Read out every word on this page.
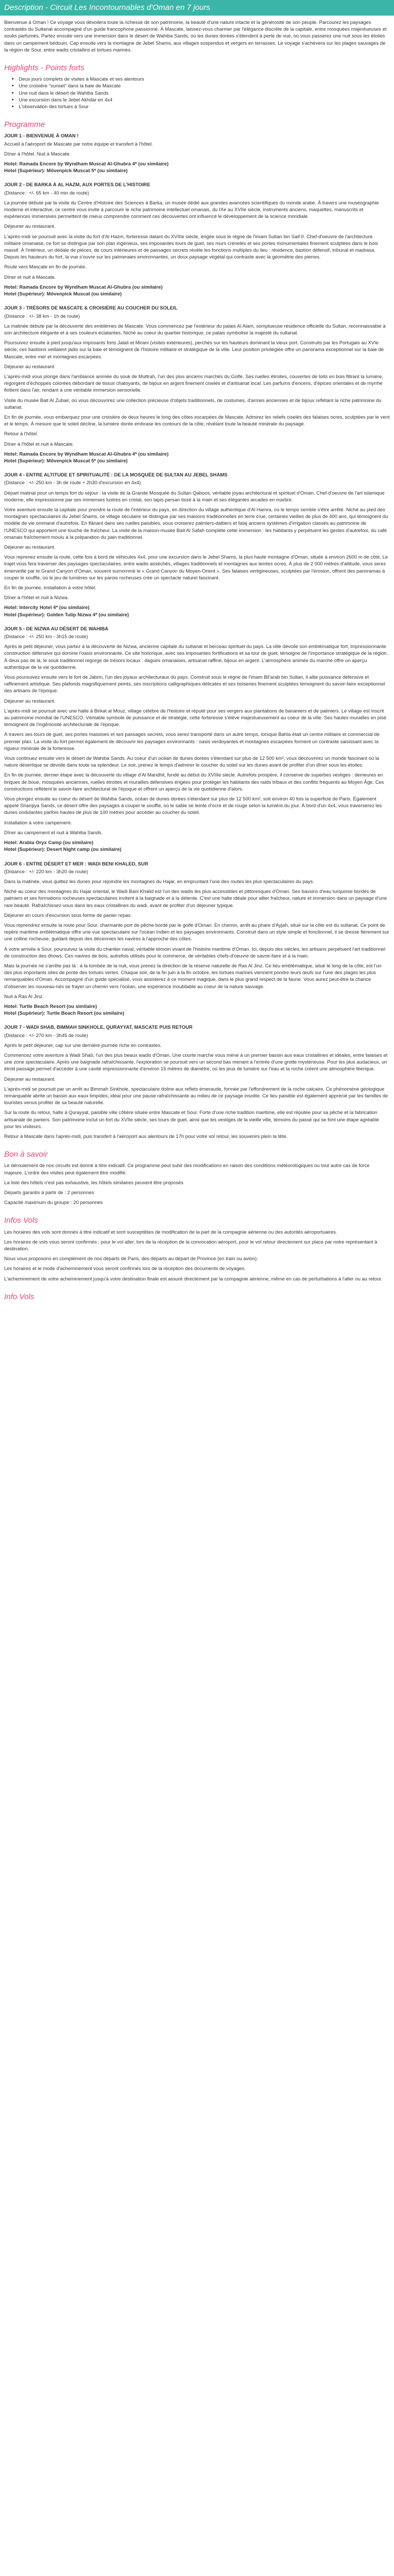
Description - Circuit Les Incontournables d'Oman en 7 jours

Bienvenue à Oman ! Ce voyage vous dévoilera toute la richesse de son patrimoine, la beauté d'une nature intacte et la générosité de son peuple. Parcourez les paysages contrastés du Sultanat accompagné d'un guide francophone passionné. À Mascate, laissez-vous charmer par l'élégance discrète de la capitale, entre mosquées majestueuses et souks parfumés. Partez ensuite vers une immersion dans le désert de Wahiba Sands, où les dunes dorées s'étendent à perte de vue, où vous passerez une nuit sous les étoiles dans un campement bédouin. Cap ensuite vers la montagne de Jebel Shams, aux villages suspendus et vergers en terrasses. Le voyage s'achèvera sur les plages sauvages de la région de Sour, entre wadis cristallins et tortues marines.

Highlights - Points forts
• Deux jours complets de visites à Mascate et ses alentours
• Une croisière "sunset" dans la baie de Mascate
• Une nuit dans le désert de Wahiba Sands
• Une excursion dans le Jebel Akhdar en 4x4
• L'observation des tortues à Sour
Programme
JOUR 1 - BIENVENUE À OMAN !

Accueil à l'aéroport de Mascate par notre équipe et transfert à l'hôtel.

Dîner à l'hôtel. Nuit à Mascate.

Hotel: Ramada Encore by Wyndham Muscat Al-Ghubra 4* (ou similaire)
Hotel (Supérieur): Mövenpick Muscat 5* (ou similaire)
JOUR 2 - DE BARKA À AL HAZM, AUX PORTES DE L'HISTOIRE

(Distance : +/- 65 km - 40 min de route)

La journée débute par la visite du Centre d'Histoire des Sciences à Barka, un musée dédié aux grandes avancées scientifiques du monde arabe. À travers une muséographie moderne et interactive, ce centre vous invite à parcourir le riche patrimoine intellectuel omanais, du IXe au XVIIe siècle, instruments anciens, maquettes, manuscrits et expériences immersives permettent de mieux comprendre comment ces découvertes ont influencé le développement de la science mondiale.

Déjeuner au restaurant.

L'après-midi se poursuit avec la visite du fort d'Al Hazm, forteresse datant du XVIIIe siècle, érigée sous le règne de l'imam Sultan bin Saif II. Chef-d'oeuvre de l'architecture militaire omanaise, ce fort se distingue par son plan ingénieux, ses imposantes tours de guet, ses murs crénelés et ses portes monumentales finement sculptées dans le bois massif. À l'intérieur, un dédale de pièces, de cours intérieures et de passages secrets révèle les fonctions multiples du lieu : résidence, bastion défensif, tribunal et madrasa. Depuis les hauteurs du fort, la vue s'ouvre sur les palmeraies environnantes, un doux paysage végétal qui contraste avec la géométrie des pierres.

Route vers Mascate en fin de journée.

Dîner et nuit à Mascate.

Hotel: Ramada Encore by Wyndham Muscat Al-Ghubra (ou similaire)
Hotel (Supérieur): Mövenpick Muscat (ou similaire)
JOUR 3 - TRÉSORS DE MASCATE & CROISIÈRE AU COUCHER DU SOLEIL

(Distance : +/- 38 km - 1h de route)

La matinée débute par la découverte des emblèmes de Mascate. Vous commencez par l'extérieur du palais Al Alam, somptueuse résidence officielle du Sultan, reconnaissable à son architecture élégante et à ses couleurs éclatantes. Niché au coeur du quartier historique, ce palais symbolise la majesté du sultanat.

Poursuivez ensuite à pied jusqu'aux imposants forts Jalali et Mirani (visites extérieures), perchés sur les hauteurs dominant la vieux port. Construits par les Portugais au XVIe siècle, ces bastions veillaient jadis sur la baie et témoignent de l'histoire militaire et stratégique de la ville. Leur position privilégiée offre un panorama exceptionnel sur la baie de Mascate, entre mer et montagnes escarpées.

Déjeuner au restaurant.

L'après-midi vous plonge dans l'ambiance animée du souk de Muttrah, l'un des plus anciens marchés du Golfe. Ses ruelles étroites, couvertes de toits en bois filtrant la lumière, regorgent d'échoppes colorées débordant de tissus chatoyants, de bijoux en argent finement ciselés et d'artisanat local. Les parfums d'encens, d'épices orientales et de myrrhe flottent dans l'air, rendant à une véritable immersion sensorielle.

Visite du musée Bait Al Zubair, où vous découvrirez une collection précieuse d'objets traditionnels, de costumes, d'armes anciennes et de bijoux reflétant la riche patrimoine du sultanat.

En fin de journée, vous embarquez pour une croisière de deux heures le long des côtes escarpées de Mascate. Admirez les reliefs ciselés des falaises ocres, sculptées par le vent et le temps. À mesure que le soleil décline, la lumière dorée embrase les contours de la côte, révélant toute la beauté minérale du paysage.

Retour à l'hôtel.

Dîner à l'hôtel et nuit à Mascate.

Hotel: Ramada Encore by Wyndham Muscat Al-Ghubra 4* (ou similaire)
Hotel (Supérieur): Mövenpick Muscat 5* (ou similaire)
JOUR 4 - ENTRE ALTITUDE ET SPIRITUALITÉ : DE LA MOSQUÉE DE SULTAN AU JEBEL SHAMS

(Distance : +/- 250 km - 3h de route + 2h30 d'excursion en 4x4)

Départ matinal pour un temps fort du séjour : la visite de la Grande Mosquée du Sultan Qaboos, véritable joyau architectural et spirituel d'Oman. Chef-d'oeuvre de l'art islamique moderne, elle impressionne par ses immenses lustres en cristal, son tapis persan tissé à la main et ses élégantes arcades en marbre.

Votre aventure ensuite la capitale pour prendre la route de l'intérieur du pays, en direction du village authentique d'Al Hamra, où le temps semble s'être arrêté. Niché au pied des montagnes spectaculaires du Jebel Shams, ce village séculaire se distingue par ses maisons traditionnelles en terre crue, certaines vieilles de plus de 400 ans, qui témoignent du modèle de vie ommané d'autrefois. En flânant dans ses ruelles paisibles, vous croiserez palmiers-dattiers et falaj anciens systèmes d'irrigation classés au patrimoine de l'UNESCO qui apportent une touche de fraîcheur. La visite de la maison-musée Bait Al Safah complète cette immersion : les habitants y perpétuent les gestes d'autrefois, du café omanais fraîchement moulu à la préparation du pain traditionnel.

Déjeuner au restaurant.

Vous reprenez ensuite la route, cette fois à bord de véhicules 4x4, pour une excursion dans le Jebel Shams, la plus haute montagne d'Oman, située à environ 2600 m de côté. Le trajet vous fera traverser des paysages spectaculaires, entre wadis asséchés, villages traditionnels et montagnes aux teintes ocres. À plus de 2 000 mètres d'altitude, vous serez émerveillé par le Grand Canyon d'Oman, souvent surnommé le « Grand Canyon du Moyen-Orient ». Ses falaises vertigineuses, sculptées par l'érosion, offrent des panoramas à couper le souffle, où le jeu de lumières sur les parois rocheuses crée un spectacle naturel fascinant.

En fin de journée, installation à votre hôtel.

Dîner à l'hôtel et nuit à Nizwa.

Hotel: Intercity Hotel 4* (ou similaire)
Hotel (Supérieur): Golden Tulip Nizwa 4* (ou similaire)
JOUR 5 - DE NIZWA AU DÉSERT DE WAHIBA

(Distance : +/- 250 km - 3h15 de route)

Après le petit déjeuner, vous partez à la découverte de Nizwa, ancienne capitale du sultanat et berceau spirituel du pays. La ville dévoile son emblématique fort, impressionnante construction défensive qui domine l'oasis environnante. Ce site historique, avec ses imposantes fortifications et sa tour de guet, témoigne de l'importance stratégique de la région. À deux pas de là, le souk traditionnel regorge de trésors locaux : dagues omanaises, artisanat raffiné, bijoux en argent. L'atmosphère animée du marché offre un aperçu authentique de la vie quotidienne.

Vous poursuivez ensuite vers le fort de Jabrin, l'un des joyaux architecturaux du pays. Construit sous le règne de l'imam Bil'arab bin Sultan, il allie puissance défensive et raffinement artistique. Ses plafonds magnifiquement peints, ses inscriptions calligraphiques délicates et ses boiseries finement sculptées témoignent du savoir-faire exceptionnel des artisans de l'époque.

Déjeuner au restaurant.

L'après-midi se poursuit avec une halte à Birkat al Mouz, village célèbre de l'histoire et réputé pour ses vergers aux plantations de bananiers et de palmiers. Le village est inscrit au patrimoine mondial de l'UNESCO. Véritable symbole de puissance et de stratégie, cette forteresse s'élève majestueusement au coeur de la ville. Ses hautes murailles en pisé témoignent de l'ingéniosité architecturale de l'époque.

À travers ses tours de guet, ses portes massives et ses passages secrets, vous serez transporté dans un autre temps, lorsque Bahla était un centre militaire et commercial de premier plan. La visite du fort permet également de découvrir les paysages environnants : oasis verdoyantes et montagnes escarpées forment un contraste saisissant avec la rigueur minérale de la forteresse.

Vous continuez ensuite vers le désert de Wahiba Sands. Au coeur d'un océan de dunes dorées s'étendant sur plus de 12 500 km², vous découvrirez un monde fascinant où la nature désertique se dévoile dans toute sa splendeur. Le soir, prenez le temps d'admirer le coucher du soleil sur les dunes avant de profiter d'un dîner sous les étoiles.

En fin de journée, dernier étape avec la découverte du village d'Al Mandhil, fondé au début du XVIIIe siècle. Autrefois prospère, il conserve de superbes vestiges : demeures en briques de boue, mosquées anciennes, ruelles étroites et murailles défensives érigées pour protéger les habitants des raids tribaux et des conflits fréquents au Moyen Âge. Ces constructions reflètent le savoir-faire architectural de l'époque et offrent un aperçu de la vie quotidienne d'alors.

Vous plongez ensuite au coeur du désert de Wahiba Sands, océan de dunes dorées s'étendant sur plus de 12 500 km², soit environ 40 fois la superficie de Paris. Également appelé Sharqiya Sands, ce désert offre des paysages à couper le souffle, où le sable se teinte d'ocre et de rouge selon la lumière du jour. À bord d'un 4x4, vous traverserez les dunes ondulantes parfois hautes de plus de 100 mètres pour accéder au coucher du soleil.

Installation à votre campement.

Dîner au campement et nuit à Wahiba Sands.

Hotel: Arabia Oryx Camp (ou similaire)
Hotel (Supérieur): Desert Night camp (ou similaire)
JOUR 6 - ENTRE DÉSERT ET MER : WADI BENI KHALED, SUR

(Distance : +/- 220 km - 3h20 de route)

Dans la matinée, vous quittez les dunes pour rejoindre les montagnes du Hajar, en empruntant l'une des routes les plus spectaculaires du pays.

Niché au coeur des montagnes du Hajar oriental, le Wadi Bani Khalid est l'un des wadis les plus accessibles et pittoresques d'Oman. Ses bassins d'eau turquoise bordés de palmiers et ses formations rocheuses spectaculaires invitent à la baignade et à la détente. C'est une halte idéale pour allier fraîcheur, nature et immersion dans un paysage d'une rare beauté. Rafraîchissez-vous dans les eaux cristallines du wadi, avant de profiter d'un déjeuner typique.

Déjeuner en cours d'excursion sous forme de panier repas.

Vous reprendrez ensuite la route pour Sour, charmante port de pêche bordé par le golfe d'Oman. En chemin, arrêt au phare d'Ayjah, situé sur la côte est du sultanat. Ce point de repère maritime emblématique offre une vue spectaculaire sur l'océan Indien et les paysages environnants. Construit dans un style simple et fonctionnel, il se dresse fièrement sur une colline rocheuse, guidant depuis des décennies les navires à l'approche des côtes.

À votre arrivée à Sour, poursuivez la visite du chantier naval, véritable témoin vivant de l'histoire maritime d'Oman. Ici, depuis des siècles, les artisans perpétuent l'art traditionnel de construction des dhows. Ces navires de bois, autrefois utilisés pour le commerce, de véritables chefs-d'oeuvre de savoir-faire et à la main.

Mais la journée ne s'arrête pas là : à la tombée de la nuit, vous prenez la direction de la réserve naturelle de Ras Al Jinz. Ce lieu emblématique, situé le long de la côte, est l'un des plus importants sites de ponte des tortues vertes. Chaque soir, de la fin juin à la fin octobre, les tortues marines viennent pondre leurs œufs sur l'une des plages les plus remarquables d'Oman. Accompagné d'un guide spécialisé, vous assisterez à ce moment magique, dans le plus grand respect de la faune. Vous aurez peut-être la chance d'observer les nouveau-nés se frayer un chemin vers l'océan, une expérience inoubliable au coeur de la nature sauvage.

Nuit à Ras Al Jinz.

Hotel: Turtle Beach Resort (ou similaire)
Hotel (Supérieur): Turtle Beach Resort (ou similaire)
JOUR 7 - WADI SHAB, BIMMAH SINKHOLE, QURAYYAT, MASCATE PUIS RETOUR

(Distance : +/- 270 km - 3h45 de route)

Après le petit déjeuner, cap sur une dernière journée riche en contrastes.

Commencez votre aventure à Wadi Shab, l'un des plus beaux wadis d'Oman. Une courte marche vous mène à un premier bassin aux eaux cristallines et idéales, entre falaises et une zone spectaculaire. Après une baignade rafraîchissante, l'exploration se poursuit vers un second bas menant à l'entrée d'une grotte mystérieuse. Pour les plus audacieux, un étroit passage permet d'accéder à une cavité impressionnante d'environ 15 mètres de diamètre, où les jeux de lumière sur l'eau et la roche créent une atmosphère féerique.

Déjeuner au restaurant.

L'après-midi se poursuit par un arrêt au Bimmah Sinkhole, spectaculaire doline aux reflets émeraude, formée par l'effondrement de la roche calcaire. Ce phénomène géologique remarquable abrite un bassin aux eaux limpides, idéal pour une pause rafraîchissante au milieu de ce paysage insolite. Ce lieu paisible est également apprécié par les familles de touristes venus profiter de sa beauté naturelle.

Sur la route du retour, halte à Qurayyat, paisible ville côtière située entre Mascate et Sour. Forte d'une riche tradition maritime, elle est réputée pour sa pêche et la fabrication artisanale de paniers. Son patrimoine inclut un fort du XVIIe siècle, ses tours de guet, ainsi que les vestiges de la vieille ville, témoins du passé qui se font une étape agréable pour les visiteurs.

Retour à Mascate dans l'après-midi, puis transfert à l'aéroport aux alentours de 17h pour votre vol retour, les souvenirs plein la tête.

Bon à savoir

Le déroulement de nos circuits est donné à titre indicatif. Ce programme peut subir des modifications en raison des conditions météorologiques ou tout autre cas de force majeure. L'ordre des visites peut également être modifié.

La liste des hôtels n'est pas exhaustive, les hôtels similaires peuvent être proposés

Départs garantis à partir de : 2 personnes

Capacité maximum du groupe : 20 personnes

Infos Vols

Les horaires des vols sont donnés à titre indicatif et sont susceptibles de modification de la part de la compagnie aérienne ou des autorités aéroportuaires.

Les horaires de vols vous seront confirmés : pour le vol aller, lors de la réception de la convocation aéroport, pour le vol retour directement sur place par notre représentant à destination.

Nous vous proposons en complément de nos départs de Paris, des départs au départ de Province (en train ou avion).

Les horaires et le mode d'acheminement vous seront confirmés lors de la réception des documents de voyages.

L'acheminement de votre acheminement jusqu'à votre destination finale est assuré directement par la compagnie aérienne, même en cas de perturbations à l'aller ou au retour.

Info Vols
